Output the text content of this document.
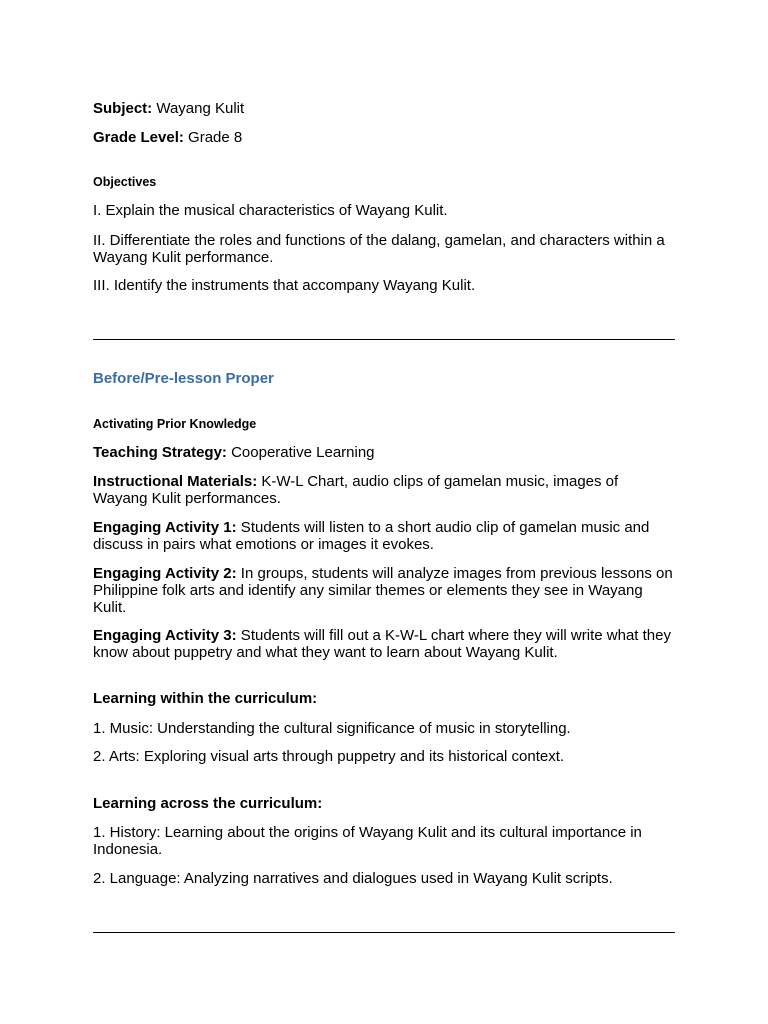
Subject: Wayang Kulit

Grade Level: Grade 8

Objectives

I. Explain the musical characteristics of Wayang Kulit.

II. Differentiate the roles and functions of the dalang, gamelan, and characters within a Wayang Kulit performance.

III. Identify the instruments that accompany Wayang Kulit.

Before/Pre-lesson Proper

Activating Prior Knowledge

Teaching Strategy: Cooperative Learning

Instructional Materials: K-W-L Chart, audio clips of gamelan music, images of Wayang Kulit performances.

Engaging Activity 1: Students will listen to a short audio clip of gamelan music and discuss in pairs what emotions or images it evokes.

Engaging Activity 2: In groups, students will analyze images from previous lessons on Philippine folk arts and identify any similar themes or elements they see in Wayang Kulit.

Engaging Activity 3: Students will fill out a K-W-L chart where they will write what they know about puppetry and what they want to learn about Wayang Kulit.

Learning within the curriculum:

1. Music: Understanding the cultural significance of music in storytelling.

2. Arts: Exploring visual arts through puppetry and its historical context.

Learning across the curriculum:

1. History: Learning about the origins of Wayang Kulit and its cultural importance in Indonesia.

2. Language: Analyzing narratives and dialogues used in Wayang Kulit scripts.
